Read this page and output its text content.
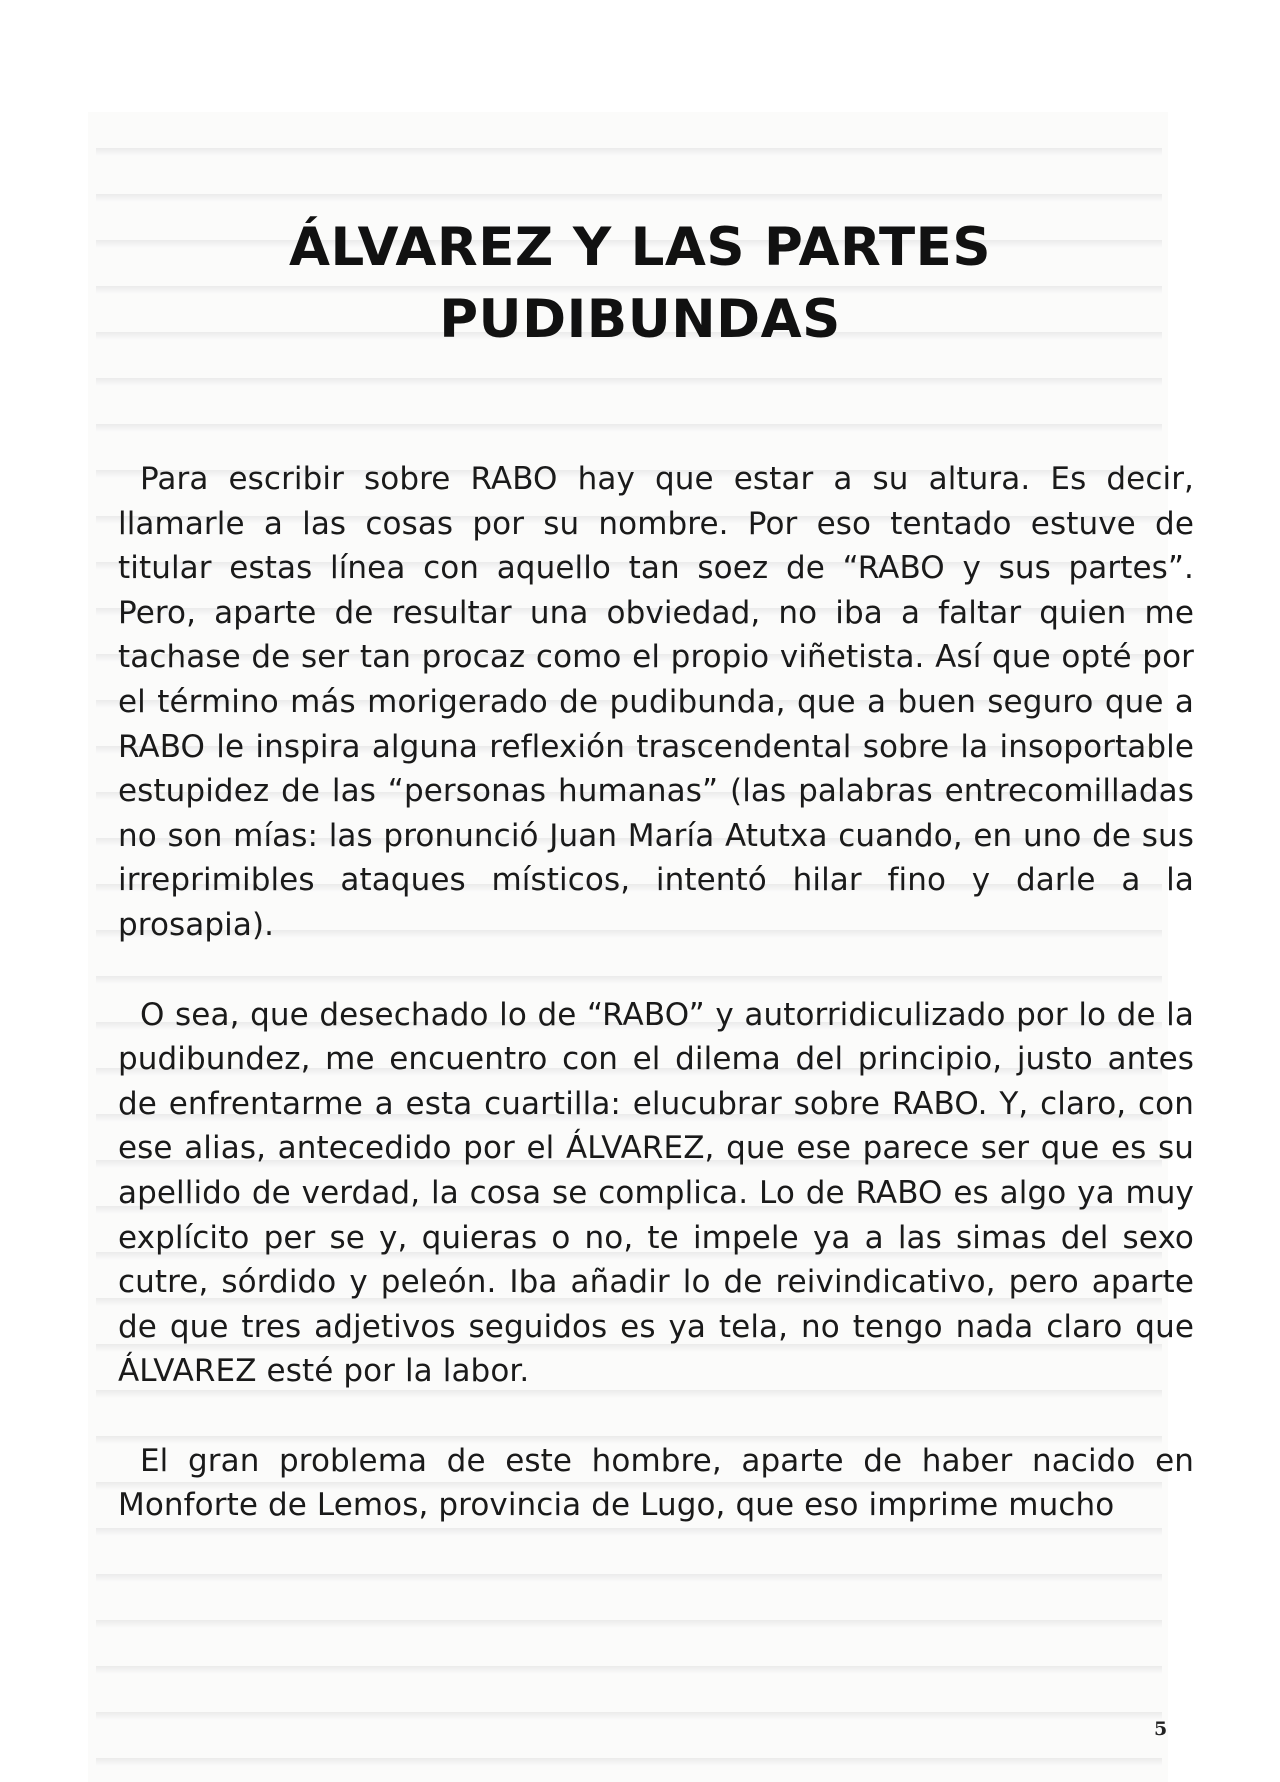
ÁLVAREZ Y LAS PARTES
PUDIBUNDAS

Para escribir sobre RABO hay que estar a su altura. Es decir, llamarle a las cosas por su nombre. Por eso tentado estuve de titular estas línea con aquello tan soez de “RABO y sus partes”. Pero, aparte de resultar una obviedad, no iba a faltar quien me tachase de ser tan procaz como el propio viñetista. Así que opté por el término más morigerado de pudibunda, que a buen seguro que a RABO le inspira alguna reflexión trascendental sobre la insoportable estupidez de las “personas humanas” (las palabras entrecomilladas no son mías: las pronunció Juan María Atutxa cuando, en uno de sus irreprimibles ataques místicos, intentó hilar fino y darle a la prosapia).

O sea, que desechado lo de “RABO” y autorridiculizado por lo de la pudibundez, me encuentro con el dilema del principio, justo antes de enfrentarme a esta cuartilla: elucubrar sobre RABO. Y, claro, con ese alias, antecedido por el ÁLVAREZ, que ese parece ser que es su apellido de verdad, la cosa se complica. Lo de RABO es algo ya muy explícito per se y, quieras o no, te impele ya a las simas del sexo cutre, sórdido y peleón. Iba añadir lo de reivindicativo, pero aparte de que tres adjetivos seguidos es ya tela, no tengo nada claro que ÁLVAREZ esté por la labor.

El gran problema de este hombre, aparte de haber nacido en Monforte de Lemos, provincia de Lugo, que eso imprime mucho

5
